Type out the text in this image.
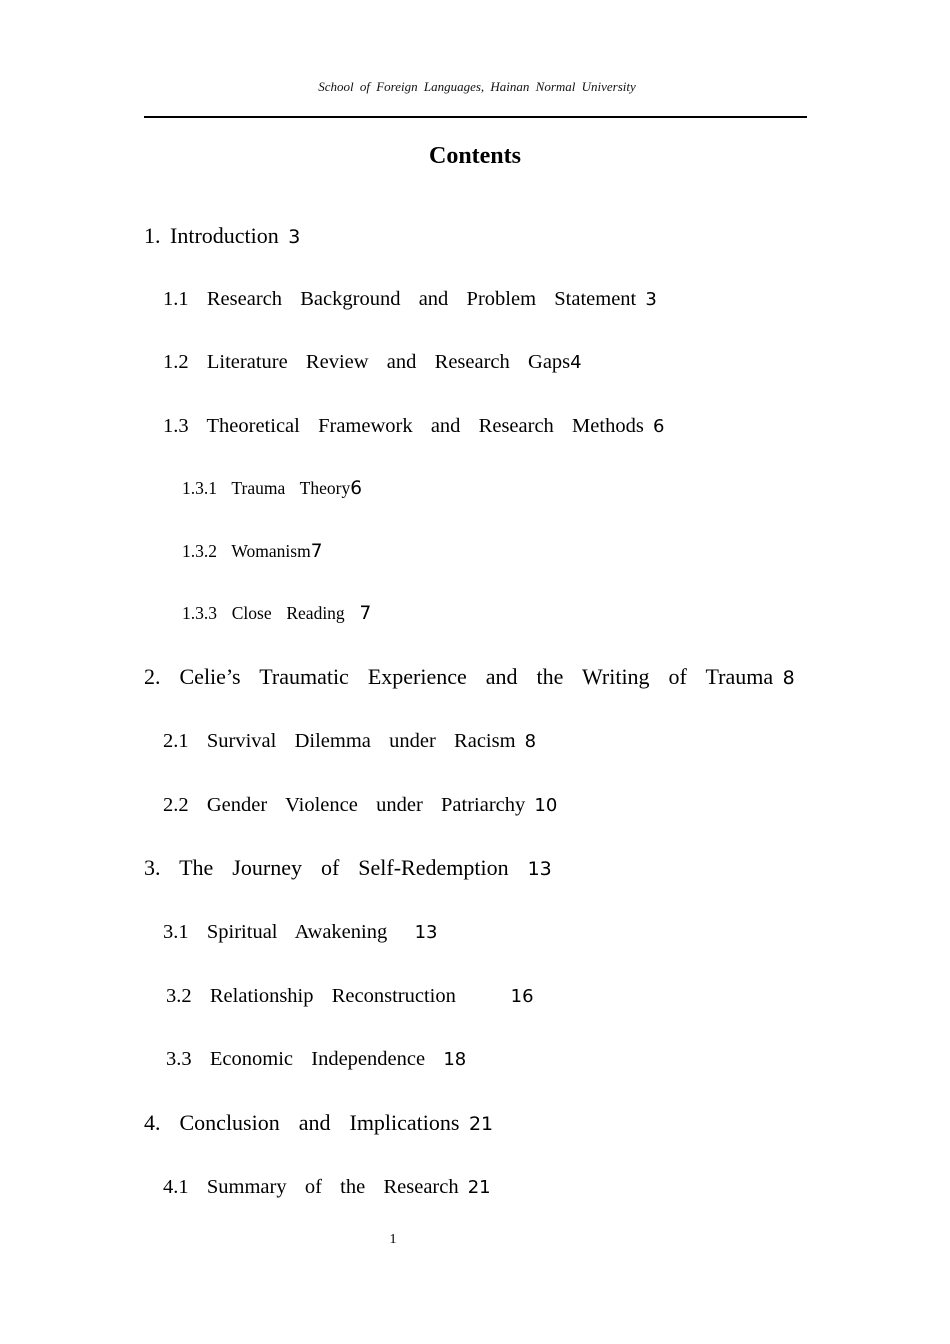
School of Foreign Languages, Hainan Normal University
Contents
1. Introduction 3
1.1  Research  Background  and  Problem  Statement 3
1.2  Literature  Review  and  Research  Gaps4
1.3  Theoretical  Framework  and  Research  Methods 6
1.3.1  Trauma  Theory6
1.3.2  Womanism7
1.3.3  Close  Reading  7
2.  Celie’s  Traumatic  Experience  and  the  Writing  of  Trauma 8
2.1  Survival  Dilemma  under  Racism 8
2.2  Gender  Violence  under  Patriarchy 10
3.  The  Journey  of  Self-Redemption  13
3.1  Spiritual  Awakening   13
3.2  Relationship  Reconstruction      16
3.3  Economic  Independence  18
4.  Conclusion  and  Implications 21
4.1  Summary  of  the  Research 21
1
